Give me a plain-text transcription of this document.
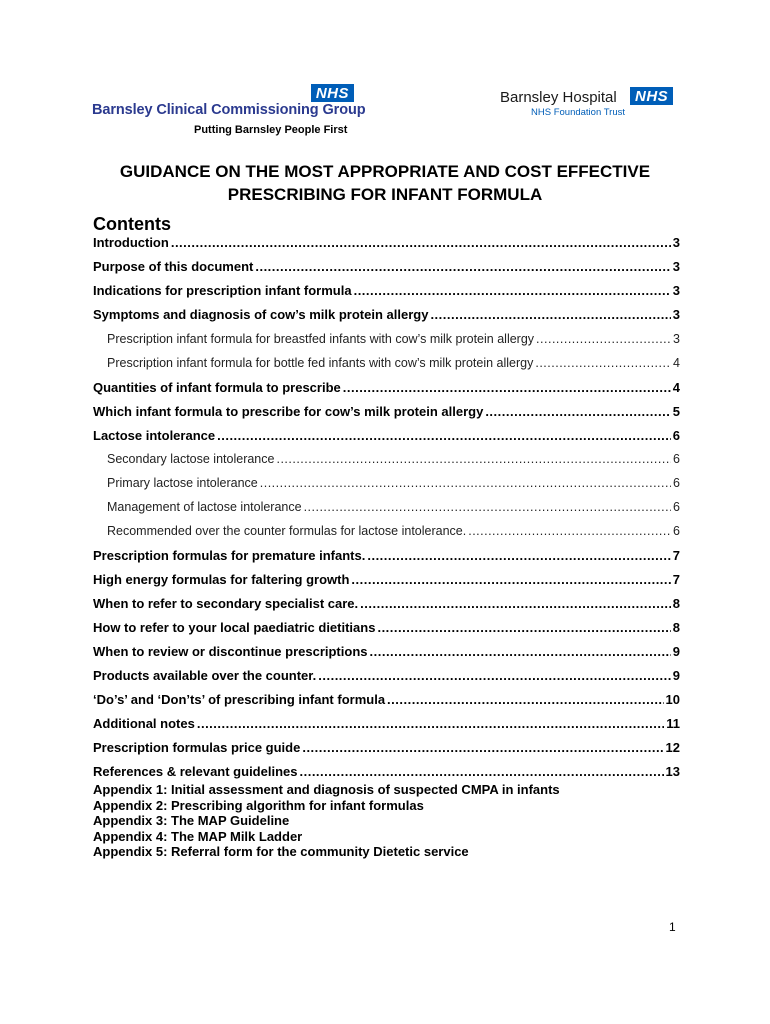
NHS
Barnsley Clinical Commissioning Group
Putting Barnsley People First
Barnsley Hospital	NHS
NHS Foundation Trust
GUIDANCE ON THE MOST APPROPRIATE AND COST EFFECTIVE
PRESCRIBING FOR INFANT FORMULA
Contents
Introduction .....	3
Purpose of this document .....	3
Indications for prescription infant formula .....	3
Symptoms and diagnosis of cow’s milk protein allergy .....	3
Prescription infant formula for breastfed infants with cow’s milk protein allergy .....	3
Prescription infant formula for bottle fed infants with cow’s milk protein allergy .....	4
Quantities of infant formula to prescribe .....	4
Which infant formula to prescribe for cow’s milk protein allergy .....	5
Lactose intolerance .....	6
Secondary lactose intolerance .....	6
Primary lactose intolerance .....	6
Management of lactose intolerance .....	6
Recommended over the counter formulas for lactose intolerance. .....	6
Prescription formulas for premature infants. .....	7
High energy formulas for faltering growth .....	7
When to refer to secondary specialist care. .....	8
How to refer to your local paediatric dietitians .....	8
When to review or discontinue prescriptions .....	9
Products available over the counter. .....	9
‘Do’s’ and ‘Don’ts’ of prescribing infant formula .....	10
Additional notes .....	11
Prescription formulas price guide .....	12
References & relevant guidelines .....	13
Appendix 1: Initial assessment and diagnosis of suspected CMPA in infants
Appendix 2: Prescribing algorithm for infant formulas
Appendix 3: The MAP Guideline
Appendix 4: The MAP Milk Ladder
Appendix 5: Referral form for the community Dietetic service
1
